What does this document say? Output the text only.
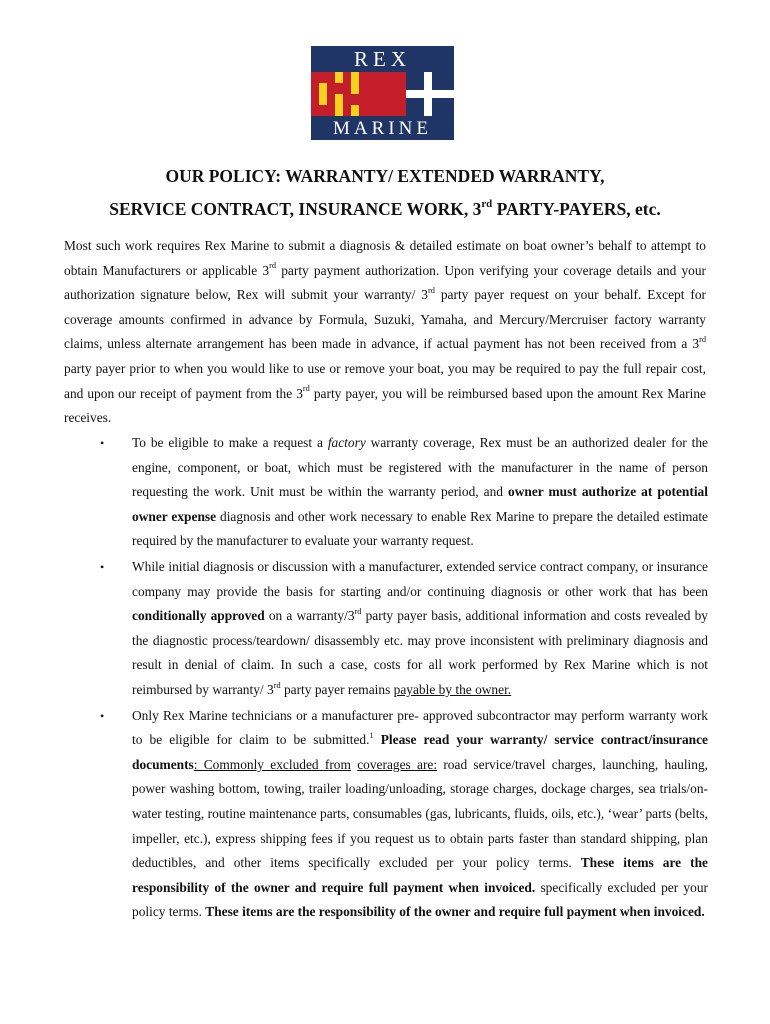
REX
MARINE
OUR POLICY: WARRANTY/ EXTENDED WARRANTY,
SERVICE CONTRACT, INSURANCE WORK, 3rd PARTY-PAYERS, etc.

Most such work requires Rex Marine to submit a diagnosis & detailed estimate on boat owner’s behalf to attempt to obtain Manufacturers or applicable 3rd party payment authorization. Upon verifying your coverage details and your authorization signature below, Rex will submit your warranty/ 3rd party payer request on your behalf. Except for coverage amounts confirmed in advance by Formula, Suzuki, Yamaha, and Mercury/Mercruiser factory warranty claims, unless alternate arrangement has been made in advance, if actual payment has not been received from a 3rd party payer prior to when you would like to use or remove your boat, you may be required to pay the full repair cost, and upon our receipt of payment from the 3rd party payer, you will be reimbursed based upon the amount Rex Marine receives.

• To be eligible to make a request a factory warranty coverage, Rex must be an authorized dealer for the engine, component, or boat, which must be registered with the manufacturer in the name of person requesting the work. Unit must be within the warranty period, and owner must authorize at potential owner expense diagnosis and other work necessary to enable Rex Marine to prepare the detailed estimate required by the manufacturer to evaluate your warranty request.
• While initial diagnosis or discussion with a manufacturer, extended service contract company, or insurance company may provide the basis for starting and/or continuing diagnosis or other work that has been conditionally approved on a warranty/3rd party payer basis, additional information and costs revealed by the diagnostic process/teardown/ disassembly etc. may prove inconsistent with preliminary diagnosis and result in denial of claim. In such a case, costs for all work performed by Rex Marine which is not reimbursed by warranty/ 3rd party payer remains payable by the owner.
• Only Rex Marine technicians or a manufacturer pre- approved subcontractor may perform warranty work to be eligible for claim to be submitted.$^1$ Please read your warranty/ service contract/insurance documents: Commonly excluded from coverages are: road service/travel charges, launching, hauling, power washing bottom, towing, trailer loading/unloading, storage charges, dockage charges, sea trials/on-water testing, routine maintenance parts, consumables (gas, lubricants, fluids, oils, etc.), ‘wear’ parts (belts, impeller, etc.), express shipping fees if you request us to obtain parts faster than standard shipping, plan deductibles, and other items specifically excluded per your policy terms. These items are the responsibility of the owner and require full payment when invoiced. specifically excluded per your policy terms. These items are the responsibility of the owner and require full payment when invoiced.
